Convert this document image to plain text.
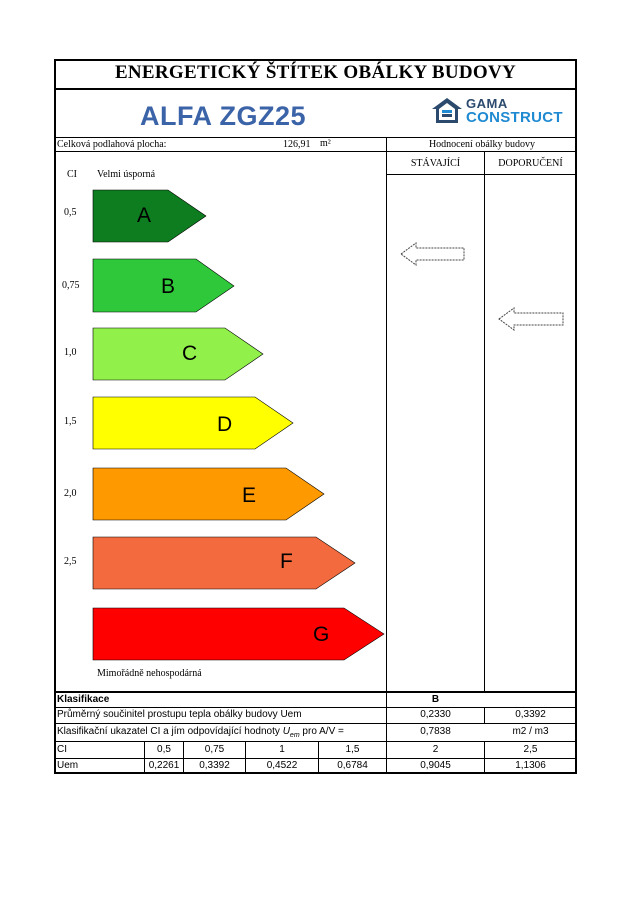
ENERGETICKÝ ŠTÍTEK OBÁLKY BUDOVY
ALFA ZGZ25	GAMA
CONSTRUCT
Celková podlahová plocha:	126,91 m²	Hodnocení obálky budovy
STÁVAJÍCÍ	DOPORUČENÍ
CI Velmi úsporná
A
B
C
D
E
F
G
0,5
0,75
1,0
1,5
2,0
2,5
Mimořádně nehospodárná
Klasifikace	B
Průměrný součinitel prostupu tepla obálky budovy Uem	0,2330	0,3392
Klasifikační ukazatel CI a jím odpovídající hodnoty $U_{em}$ pro A/V =	0,7838	m2 / m3
CI	0,5	0,75	1	1,5	2	2,5
Uem	0,2261	0,3392	0,4522	0,6784	0,9045	1,1306
